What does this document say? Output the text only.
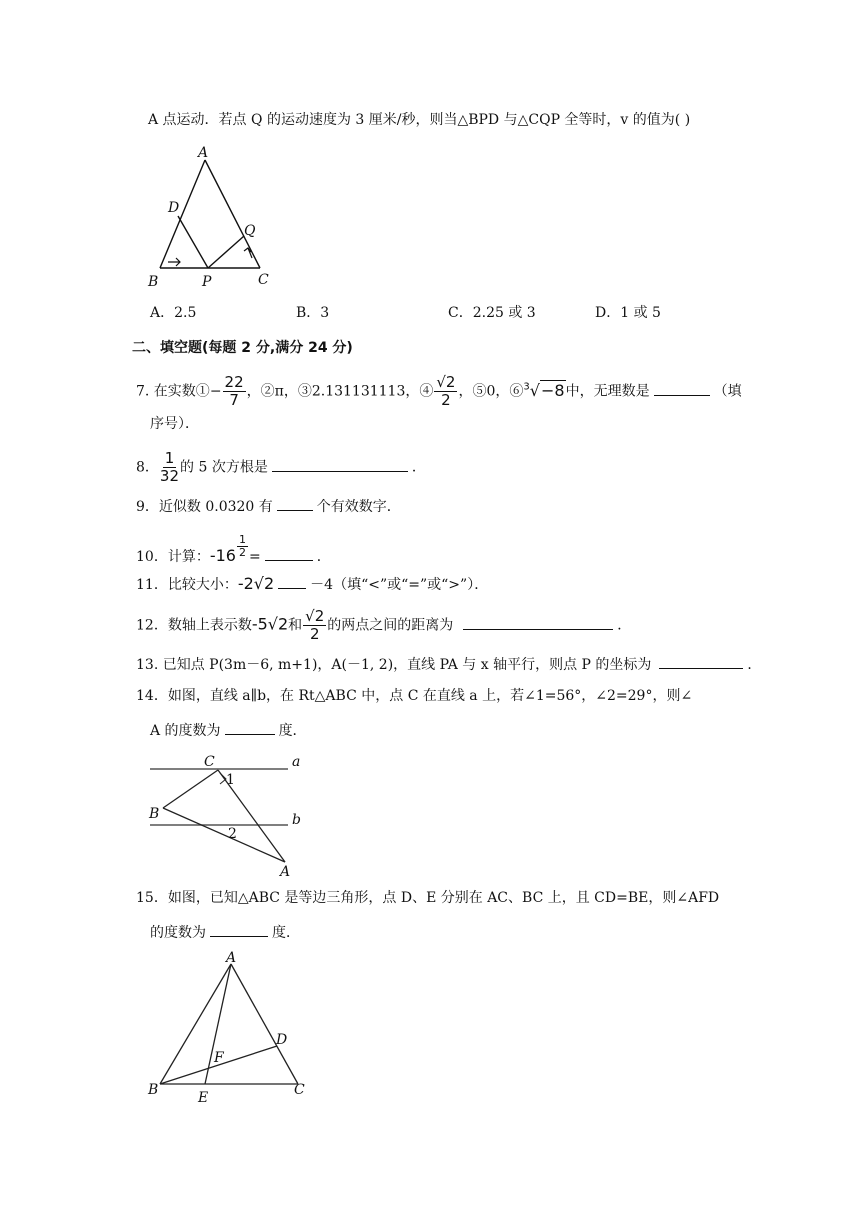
A 点运动．若点 Q 的运动速度为 3 厘米/秒，则当△BPD 与△CQP 全等时，v 的值为( )
A
D
Q
B	P	C
A．2.5	B．3	C．2.25 或 3	D．1 或 5
二、填空题(每题 2 分,满分 24 分)
7. 在实数①− $\frac{22}{7}$ ，②π，③2.131131113，④ $\frac{√2}{2}$ ，⑤0，⑥$^3$√−8中，无理数是	（填
序号）．
8． $\frac{1}{32}$ 的 5 次方根是	．
9．近似数 0.0320 有	个有效数字．
10．计算：$-16 \frac{1}{2}$ =	．
11．比较大小：-2√2	－4（填“<”或“=”或“>”）．
12．数轴上表示数-5√2和 $\frac{√2}{2}$ 的两点之间的距离为	．
13. 已知点 P(3m－6, m+1)，A(－1, 2)，直线 PA 与 x 轴平行，则点 P 的坐标为	．
14．如图，直线 a∥b，在 Rt△ABC 中，点 C 在直线 a 上，若∠1=56°，∠2=29°，则∠
A 的度数为	度．
C	a
1
B	b
2
A
15．如图，已知△ABC 是等边三角形，点 D、E 分别在 AC、BC 上，且 CD=BE，则∠AFD
的度数为	度．
A
D
F
B	E	C
